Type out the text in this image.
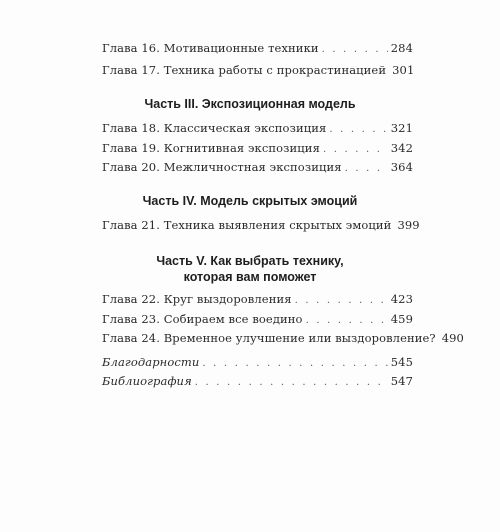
Глава 16. Мотивационные техники . . .	284
Глава 17. Техника работы с прокрастинацией 301
Часть III. Экспозиционная модель
Глава 18. Классическая экспозиция . . .	321
Глава 19. Когнитивная экспозиция . . .	342
Глава 20. Межличностная экспозиция . . .	364
Часть IV. Модель скрытых эмоций
Глава 21. Техника выявления скрытых эмоций 399
Часть V. Как выбрать технику,
которая вам поможет
Глава 22. Круг выздоровления . . .	423
Глава 23. Собираем все воедино . . .	459
Глава 24. Временное улучшение или выздоровление? 490
Благодарности . . .	545
Библиография . . .	547
